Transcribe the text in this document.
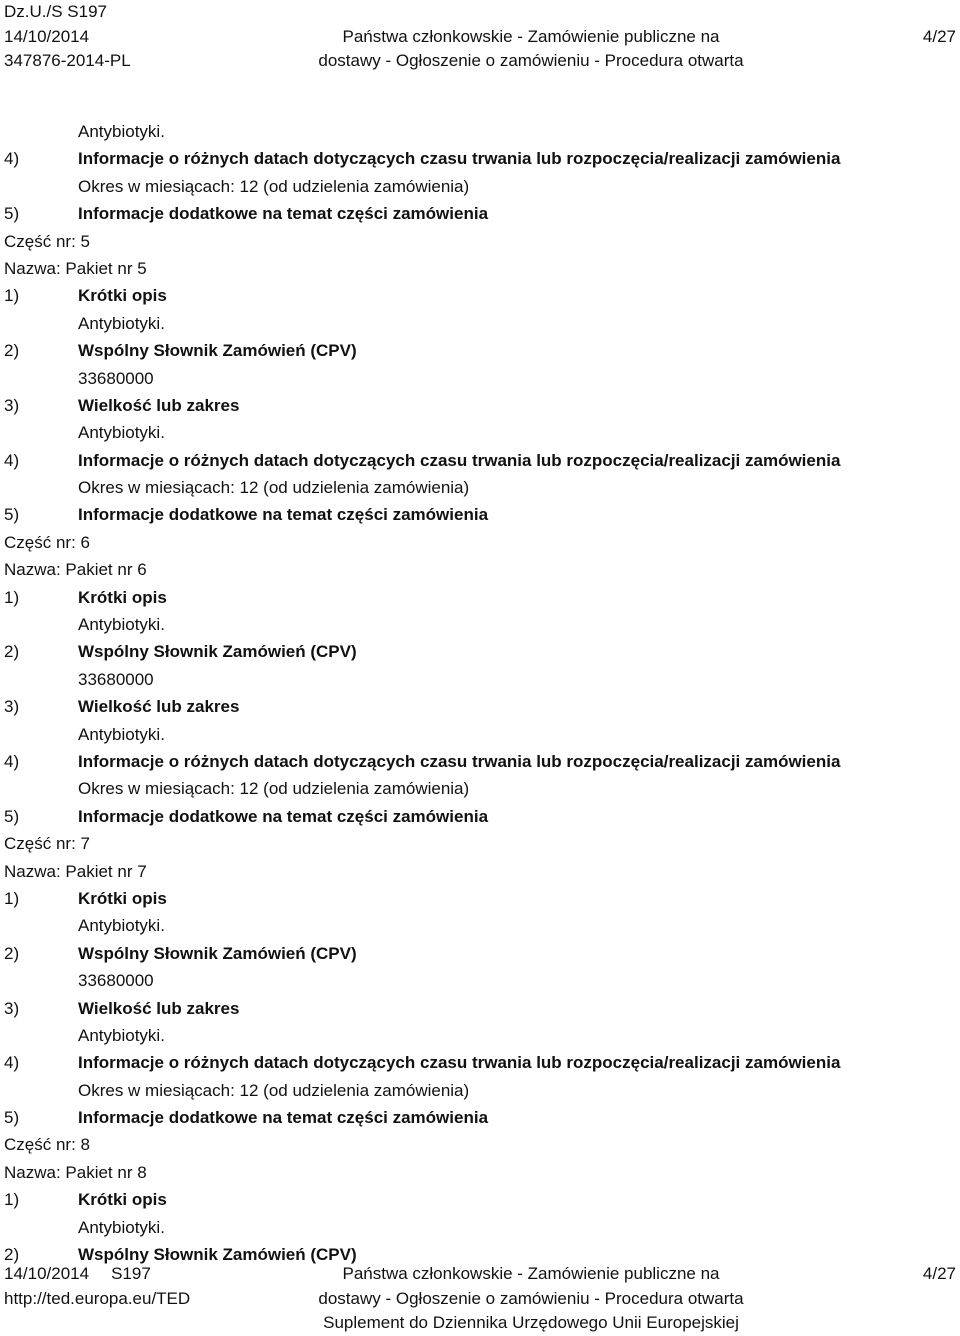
Dz.U./S S197
14/10/2014
347876-2014-PL
Państwa członkowskie - Zamówienie publiczne na
dostawy - Ogłoszenie o zamówieniu - Procedura otwarta
4/27
Antybiotyki.
4)	Informacje o różnych datach dotyczących czasu trwania lub rozpoczęcia/realizacji zamówienia
Okres w miesiącach: 12 (od udzielenia zamówienia)
5)	Informacje dodatkowe na temat części zamówienia
Część nr: 5
Nazwa: Pakiet nr 5
1)	Krótki opis
Antybiotyki.
2)	Wspólny Słownik Zamówień (CPV)
33680000
3)	Wielkość lub zakres
Antybiotyki.
4)	Informacje o różnych datach dotyczących czasu trwania lub rozpoczęcia/realizacji zamówienia
Okres w miesiącach: 12 (od udzielenia zamówienia)
5)	Informacje dodatkowe na temat części zamówienia
Część nr: 6
Nazwa: Pakiet nr 6
1)	Krótki opis
Antybiotyki.
2)	Wspólny Słownik Zamówień (CPV)
33680000
3)	Wielkość lub zakres
Antybiotyki.
4)	Informacje o różnych datach dotyczących czasu trwania lub rozpoczęcia/realizacji zamówienia
Okres w miesiącach: 12 (od udzielenia zamówienia)
5)	Informacje dodatkowe na temat części zamówienia
Część nr: 7
Nazwa: Pakiet nr 7
1)	Krótki opis
Antybiotyki.
2)	Wspólny Słownik Zamówień (CPV)
33680000
3)	Wielkość lub zakres
Antybiotyki.
4)	Informacje o różnych datach dotyczących czasu trwania lub rozpoczęcia/realizacji zamówienia
Okres w miesiącach: 12 (od udzielenia zamówienia)
5)	Informacje dodatkowe na temat części zamówienia
Część nr: 8
Nazwa: Pakiet nr 8
1)	Krótki opis
Antybiotyki.
2)	Wspólny Słownik Zamówień (CPV)
14/10/2014 S197
http://ted.europa.eu/TED
Państwa członkowskie - Zamówienie publiczne na
dostawy - Ogłoszenie o zamówieniu - Procedura otwarta
Suplement do Dziennika Urzędowego Unii Europejskiej
4/27
